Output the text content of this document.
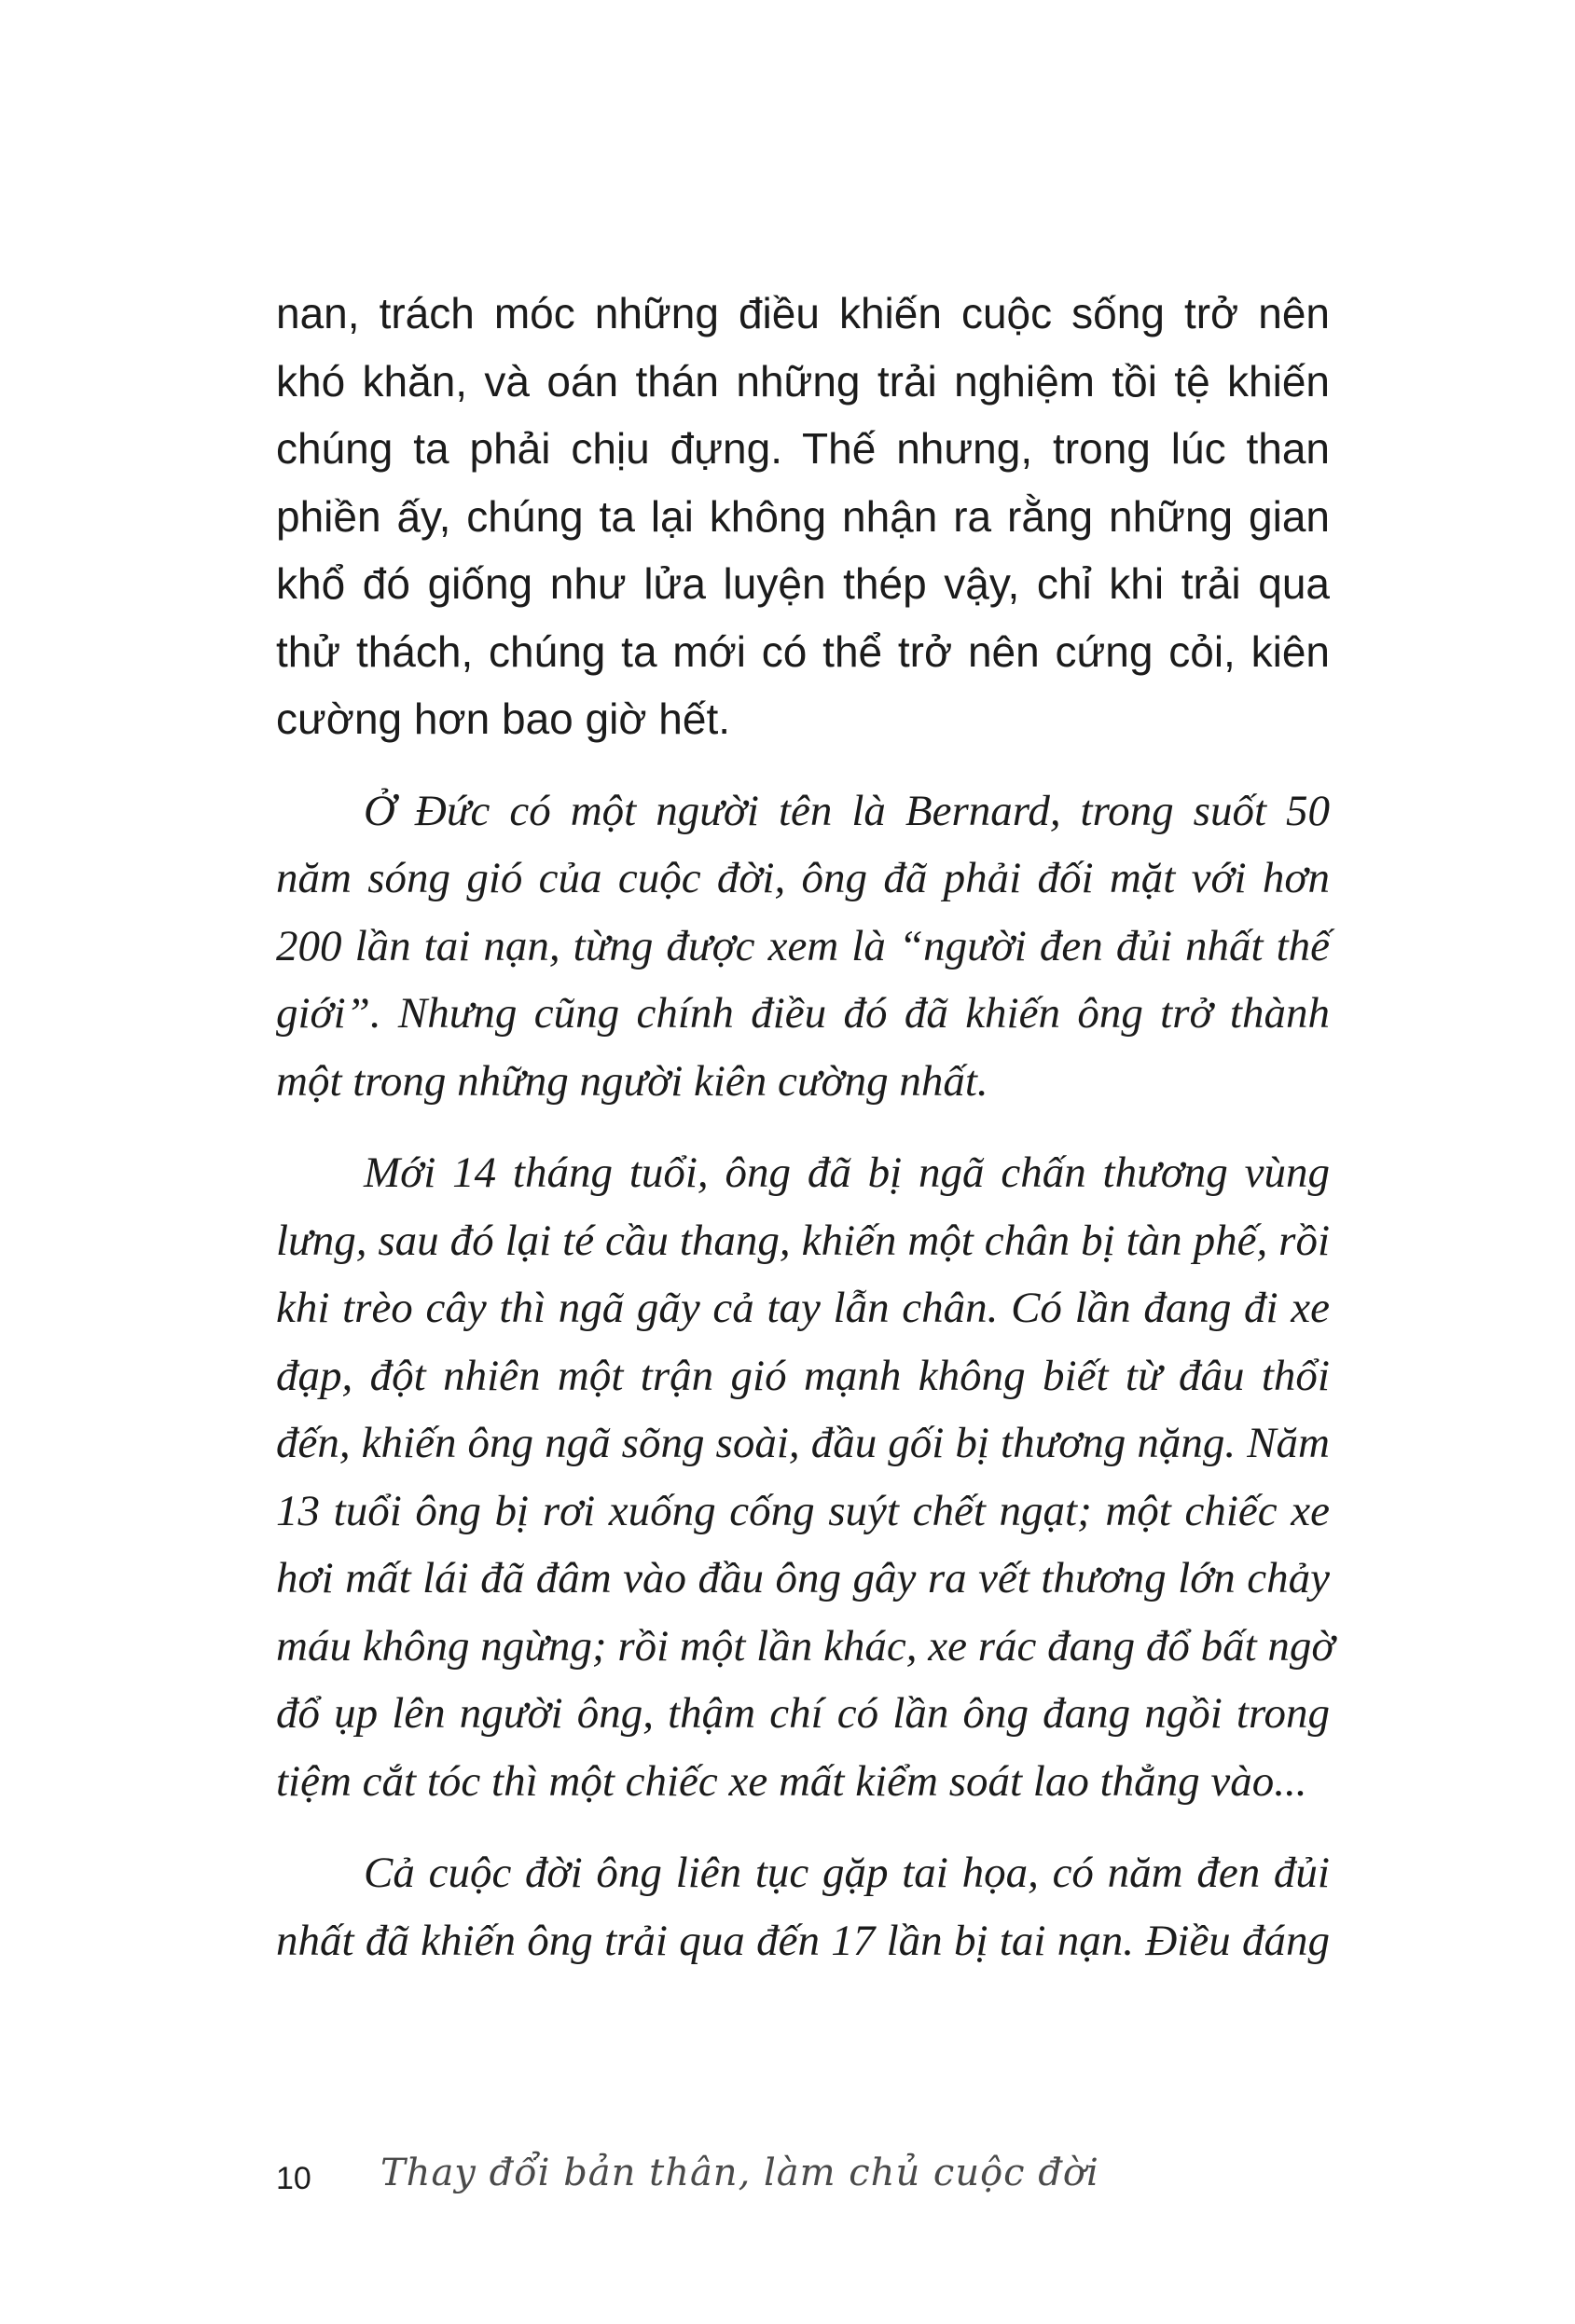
nan, trách móc những điều khiến cuộc sống trở nên
khó khăn, và oán thán những trải nghiệm tồi tệ khiến
chúng ta phải chịu đựng. Thế nhưng, trong lúc than
phiền ấy, chúng ta lại không nhận ra rằng những gian
khổ đó giống như lửa luyện thép vậy, chỉ khi trải qua
thử thách, chúng ta mới có thể trở nên cứng cỏi, kiên
cường hơn bao giờ hết.
Ở Đức có một người tên là Bernard, trong suốt 50
năm sóng gió của cuộc đời, ông đã phải đối mặt với hơn
200 lần tai nạn, từng được xem là “người đen đủi nhất thế
giới”. Nhưng cũng chính điều đó đã khiến ông trở thành
một trong những người kiên cường nhất.
Mới 14 tháng tuổi, ông đã bị ngã chấn thương vùng
lưng, sau đó lại té cầu thang, khiến một chân bị tàn phế, rồi
khi trèo cây thì ngã gãy cả tay lẫn chân. Có lần đang đi xe
đạp, đột nhiên một trận gió mạnh không biết từ đâu thổi
đến, khiến ông ngã sõng soài, đầu gối bị thương nặng. Năm
13 tuổi ông bị rơi xuống cống suýt chết ngạt; một chiếc xe
hơi mất lái đã đâm vào đầu ông gây ra vết thương lớn chảy
máu không ngừng; rồi một lần khác, xe rác đang đổ bất ngờ
đổ ụp lên người ông, thậm chí có lần ông đang ngồi trong
tiệm cắt tóc thì một chiếc xe mất kiểm soát lao thẳng vào...
Cả cuộc đời ông liên tục gặp tai họa, có năm đen đủi
nhất đã khiến ông trải qua đến 17 lần bị tai nạn. Điều đáng
10 Thay đổi bản thân, làm chủ cuộc đời
